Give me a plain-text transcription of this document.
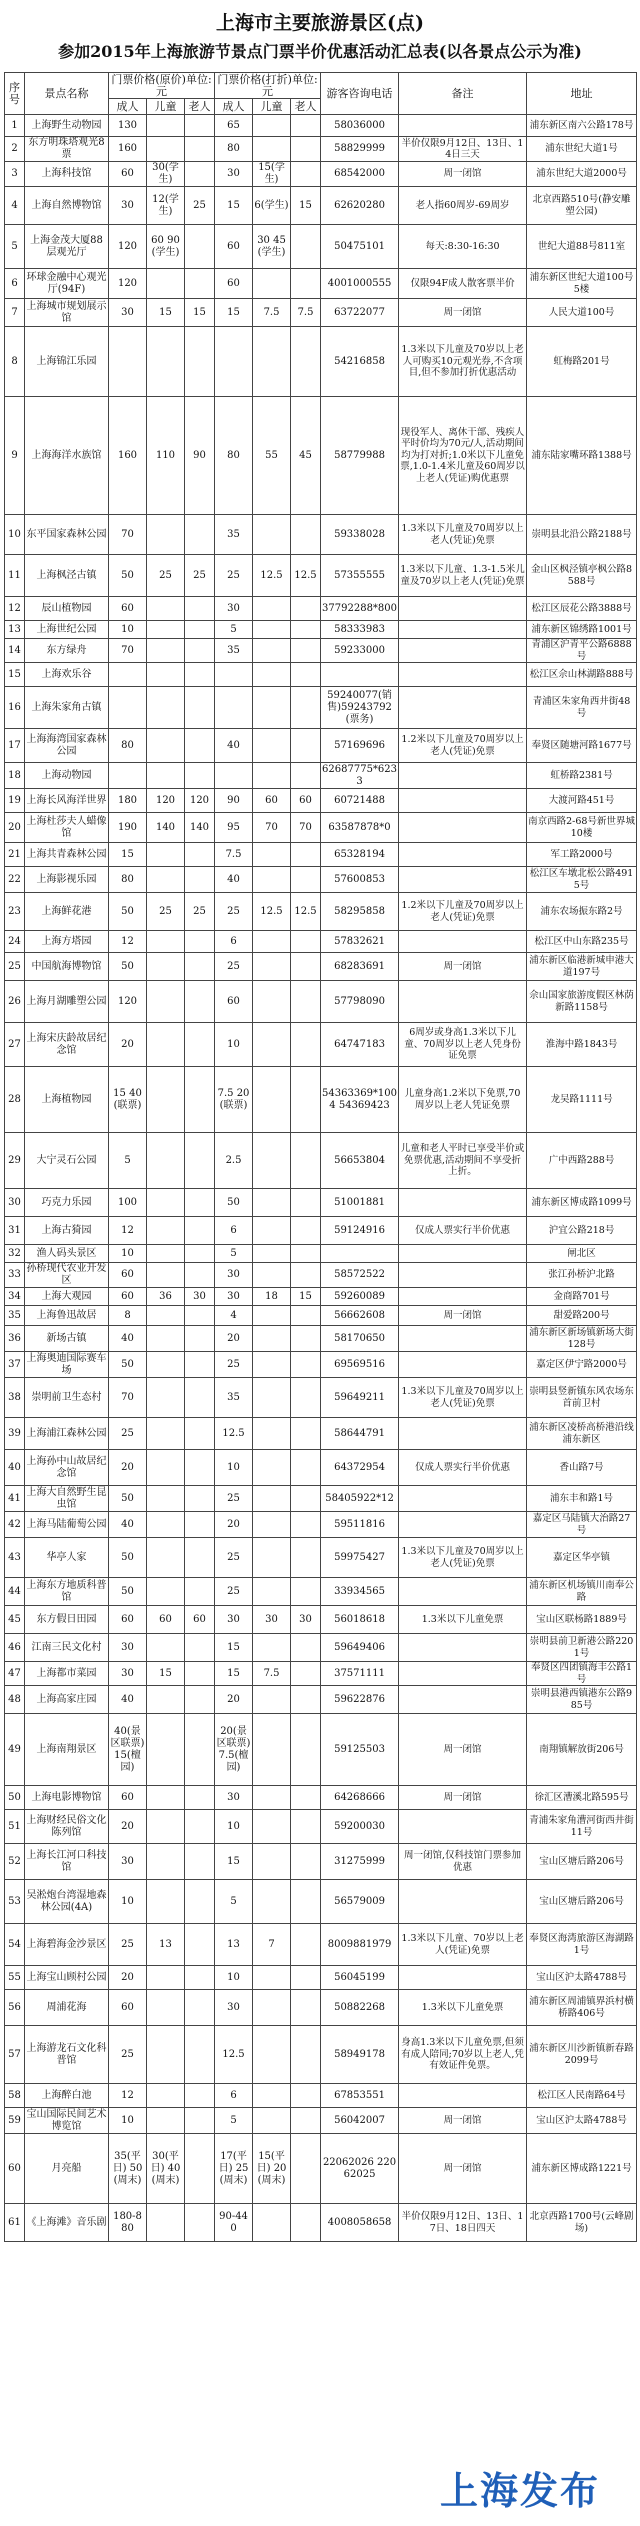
上海市主要旅游景区(点)
参加2015年上海旅游节景点门票半价优惠活动汇总表(以各景点公示为准)
序号	景点名称	门票价格(原价)单位:元			门票价格(打折)单位:元			游客咨询电话	备注	地址
		成人	儿童	老人	成人	儿童	老人			
1	上海野生动物园	130			65			58036000		浦东新区南六公路178号
2	东方明珠塔观光8票	160			80			58829999	半价仅限9月12日、13日、14日三天	浦东世纪大道1号
3	上海科技馆	60	30(学生)		30	15(学生)		68542000	周一闭馆	浦东世纪大道2000号
4	上海自然博物馆	30	12(学生)	25	15	6(学生)	15	62620280	老人指60周岁-69周岁	北京西路510号(静安雕塑公园)
5	上海金茂大厦88层观光厅	120	60 90(学生)		60	30 45(学生)		50475101	每天:8:30-16:30	世纪大道88号811室
6	环球金融中心观光厅(94F)	120			60			4001000555	仅限94F成人散客票半价	浦东新区世纪大道100号5楼
7	上海城市规划展示馆	30	15	15	15	7.5	7.5	63722077	周一闭馆	人民大道100号
8	上海锦江乐园							54216858	1.3米以下儿童及70岁以上老人可购买10元观光券,不含项目,但不参加打折优惠活动	虹梅路201号
9	上海海洋水族馆	160	110	90	80	55	45	58779988	现役军人、离休干部、残疾人平时价均为70元/人,活动期间均为打对折;1.0米以下儿童免票,1.0-1.4米儿童及60周岁以上老人(凭证)购优惠票	浦东陆家嘴环路1388号
10	东平国家森林公园	70			35			59338028	1.3米以下儿童及70周岁以上老人(凭证)免票	崇明县北沿公路2188号
11	上海枫泾古镇	50	25	25	25	12.5	12.5	57355555	1.3米以下儿童、1.3-1.5米儿童及70岁以上老人(凭证)免票	金山区枫泾镇亭枫公路8588号
12	辰山植物园	60			30			37792288*800		松江区辰花公路3888号
13	上海世纪公园	10			5			58333983		浦东新区锦绣路1001号
14	东方绿舟	70			35			59233000		青浦区沪青平公路6888号
15	上海欢乐谷									松江区佘山林湖路888号
16	上海朱家角古镇							59240077(销售)59243792(票务)		青浦区朱家角西井街48号
17	上海海湾国家森林公园	80			40			57169696	1.2米以下儿童及70周岁以上老人(凭证)免票	奉贤区随塘河路1677号
18	上海动物园							62687775*6233		虹桥路2381号
19	上海长风海洋世界	180	120	120	90	60	60	60721488		大渡河路451号
20	上海杜莎夫人蜡像馆	190	140	140	95	70	70	63587878*0		南京西路2-68号新世界城10楼
21	上海共青森林公园	15			7.5			65328194		军工路2000号
22	上海影视乐园	80			40			57600853		松江区车墩北松公路4915号
23	上海鲜花港	50	25	25	25	12.5	12.5	58295858	1.2米以下儿童及70周岁以上老人(凭证)免票	浦东农场振东路2号
24	上海方塔园	12			6			57832621		松江区中山东路235号
25	中国航海博物馆	50			25			68283691	周一闭馆	浦东新区临港新城申港大道197号
26	上海月湖雕塑公园	120			60			57798090		佘山国家旅游度假区林荫新路1158号
27	上海宋庆龄故居纪念馆	20			10			64747183	6周岁或身高1.3米以下儿童、70周岁以上老人凭身份证免票	淮海中路1843号
28	上海植物园	15 40(联票)			7.5 20(联票)			54363369*1004 54369423	儿童身高1.2米以下免票,70周岁以上老人凭证免票	龙吴路1111号
29	大宁灵石公园	5			2.5			56653804	儿童和老人平时已享受半价或免票优惠,活动期间不享受折上折。	广中西路288号
30	巧克力乐园	100			50			51001881		浦东新区博成路1099号
31	上海古猗园	12			6			59124916	仅成人票实行半价优惠	沪宜公路218号
32	渔人码头景区	10			5					闸北区
33	孙桥现代农业开发区	60			30			58572522		张江孙桥沪北路
34	上海大观园	60	36	30	30	18	15	59260089		金商路701号
35	上海鲁迅故居	8			4			56662608	周一闭馆	甜爱路200号
36	新场古镇	40			20			58170650		浦东新区新场镇新场大街128号
37	上海奥迪国际赛车场	50			25			69569516		嘉定区伊宁路2000号
38	崇明前卫生态村	70			35			59649211	1.3米以下儿童及70周岁以上老人(凭证)免票	崇明县竖新镇东风农场东首前卫村
39	上海浦江森林公园	25			12.5			58644791		浦东新区凌桥高桥港沿线浦东新区
40	上海孙中山故居纪念馆	20			10			64372954	仅成人票实行半价优惠	香山路7号
41	上海大自然野生昆虫馆	50			25			58405922*12		浦东丰和路1号
42	上海马陆葡萄公园	40			20			59511816		嘉定区马陆镇大治路27号
43	华亭人家	50			25			59975427	1.3米以下儿童及70周岁以上老人(凭证)免票	嘉定区华亭镇
44	上海东方地质科普馆	50			25			33934565		浦东新区机场镇川南奉公路
45	东方假日田园	60	60	60	30	30	30	56018618	1.3米以下儿童免票	宝山区联杨路1889号
46	江南三民文化村	30			15			59649406		崇明县前卫新港公路2201号
47	上海都市菜园	30	15		15	7.5		37571111		奉贤区四团镇海丰公路1号
48	上海高家庄园	40			20			59622876		崇明县港西镇港东公路985号
49	上海南翔景区	40(景区联票) 15(檀园)			20(景区联票) 7.5(檀园)			59125503	周一闭馆	南翔镇解放街206号
50	上海电影博物馆	60			30			64268666	周一闭馆	徐汇区漕溪北路595号
51	上海财经民俗文化陈列馆	20			10			59200030		青浦朱家角漕河街西井街11号
52	上海长江河口科技馆	30			15			31275999	周一闭馆,仅科技馆门票参加优惠	宝山区塘后路206号
53	吴淞炮台湾湿地森林公园(4A)	10			5			56579009		宝山区塘后路206号
54	上海碧海金沙景区	25	13		13	7		8009881979	1.3米以下儿童、70岁以上老人(凭证)免票	奉贤区海湾旅游区海湖路1号
55	上海宝山顾村公园	20			10			56045199		宝山区沪太路4788号
56	周浦花海	60			30			50882268	1.3米以下儿童免票	浦东新区周浦镇界浜村横桥路406号
57	上海游龙石文化科普馆	25			12.5			58949178	身高1.3米以下儿童免票,但须有成人陪同;70岁以上老人,凭有效证件免票。	浦东新区川沙新镇新春路2099号
58	上海醉白池	12			6			67853551		松江区人民南路64号
59	宝山国际民间艺术博览馆	10			5			56042007	周一闭馆	宝山区沪太路4788号
60	月亮船	35(平日) 50(周末)	30(平日) 40(周末)		17(平日) 25(周末)	15(平日) 20(周末)		22062026 22062025	周一闭馆	浦东新区博成路1221号
61	《上海滩》音乐剧	180-880			90-440			4008058658	半价仅限9月12日、13日、17日、18日四天	北京西路1700号(云峰剧场)
上海发布
